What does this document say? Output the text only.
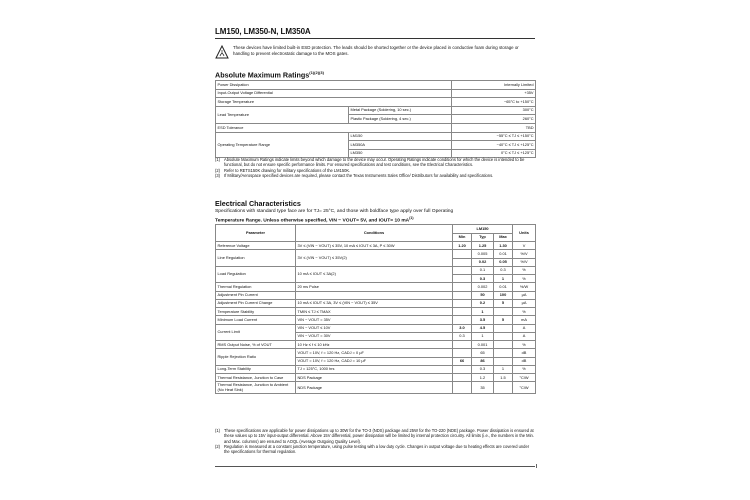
LM150, LM350-N, LM350A
These devices have limited built-in ESD protection. The leads should be shorted together or the device placed in conductive foam during storage or handling to prevent electrostatic damage to the MOS gates.
Absolute Maximum Ratings$^{(1)(2)(3)}$
Power Dissipation		Internally Limited
Input-Output Voltage Differential		+35V
Storage Temperature		−65°C to +150°C
Lead Temperature	Metal Package (Soldering, 10 sec.)	300°C
	Plastic Package (Soldering, 4 sec.)	260°C
ESD Tolerance		TBD
Operating Temperature Range	LM150	−55°C ≤ TJ ≤ +150°C
	LM350A	−40°C ≤ TJ ≤ +125°C
	LM350	0°C ≤ TJ ≤ +125°C
(1) Absolute Maximum Ratings indicate limits beyond which damage to the device may occur. Operating Ratings indicate conditions for which the device is intended to be functional, but do not ensure specific performance limits. For ensured specifications and test conditions, see the Electrical Characteristics.
(2) Refer to RETS150K drawing for military specifications of the LM150K.
(3) If Military/Aerospace specified devices are required, please contact the Texas Instruments Sales Office/ Distributors for availability and specifications.
Electrical Characteristics
Specifications with standard type face are for TJ= 25°C, and those with boldface type apply over full Operating
Temperature Range. Unless otherwise specified, VIN − VOUT= 5V, and IOUT= 10 $mA^{(1)}$
Parameter	Conditions	LM150			Units
		Min	Typ	Max	
Reference Voltage	3V ≤ (VIN − VOUT) ≤ 35V, 10 mA ≤ IOUT ≤ 3A, P ≤ 30W	1.20	1.25	1.30	V
Line Regulation	3V ≤ (VIN − VOUT) ≤ 35V(2)		0.005	0.01	%/V
			0.02	0.05	%/V
Load Regulation	10 mA ≤ IOUT ≤ 3A(2)		0.1	0.3	%
			0.3	1	%
Thermal Regulation	20 ms Pulse		0.002	0.01	%/W
Adjustment Pin Current			50	100	μA
Adjustment Pin Current Change	10 mA ≤ IOUT ≤ 3A, 3V ≤ (VIN − VOUT) ≤ 35V		0.2	5	μA
Temperature Stability	TMIN ≤ TJ ≤ TMAX		1		%
Minimum Load Current	VIN − VOUT = 35V		3.5	5	mA
Current Limit	VIN − VOUT ≤ 10V	3.0	4.5		A
	VIN − VOUT = 30V	0.3	1		A
RMS Output Noise, % of VOUT	10 Hz ≤ f ≤ 10 kHz		0.001		%
Ripple Rejection Ratio	VOUT = 10V, f = 120 Hz, CADJ = 0 μF		65		dB
	VOUT = 10V, f = 120 Hz, CADJ = 10 μF	66	86		dB
Long-Term Stability	TJ = 125°C, 1000 hrs		0.3	1	%
Thermal Resistance, Junction to Case	NDS Package		1.2	1.5	°C/W
Thermal Resistance, Junction to Ambient (No Heat Sink)	NDS Package		35		°C/W
(1) These specifications are applicable for power dissipations up to 30W for the TO-3 (NDS) package and 25W for the TO-220 (NDE) package. Power dissipation is ensured at these values up to 15V input-output differential. Above 15V differential, power dissipation will be limited by internal protection circuitry. All limits (i.e., the numbers in the Min. and Max. columns) are ensured to AOQL (Average Outgoing Quality Level).
(2) Regulation is measured at a constant junction temperature, using pulse testing with a low duty cycle. Changes in output voltage due to heating effects are covered under the specifications for thermal regulation.
